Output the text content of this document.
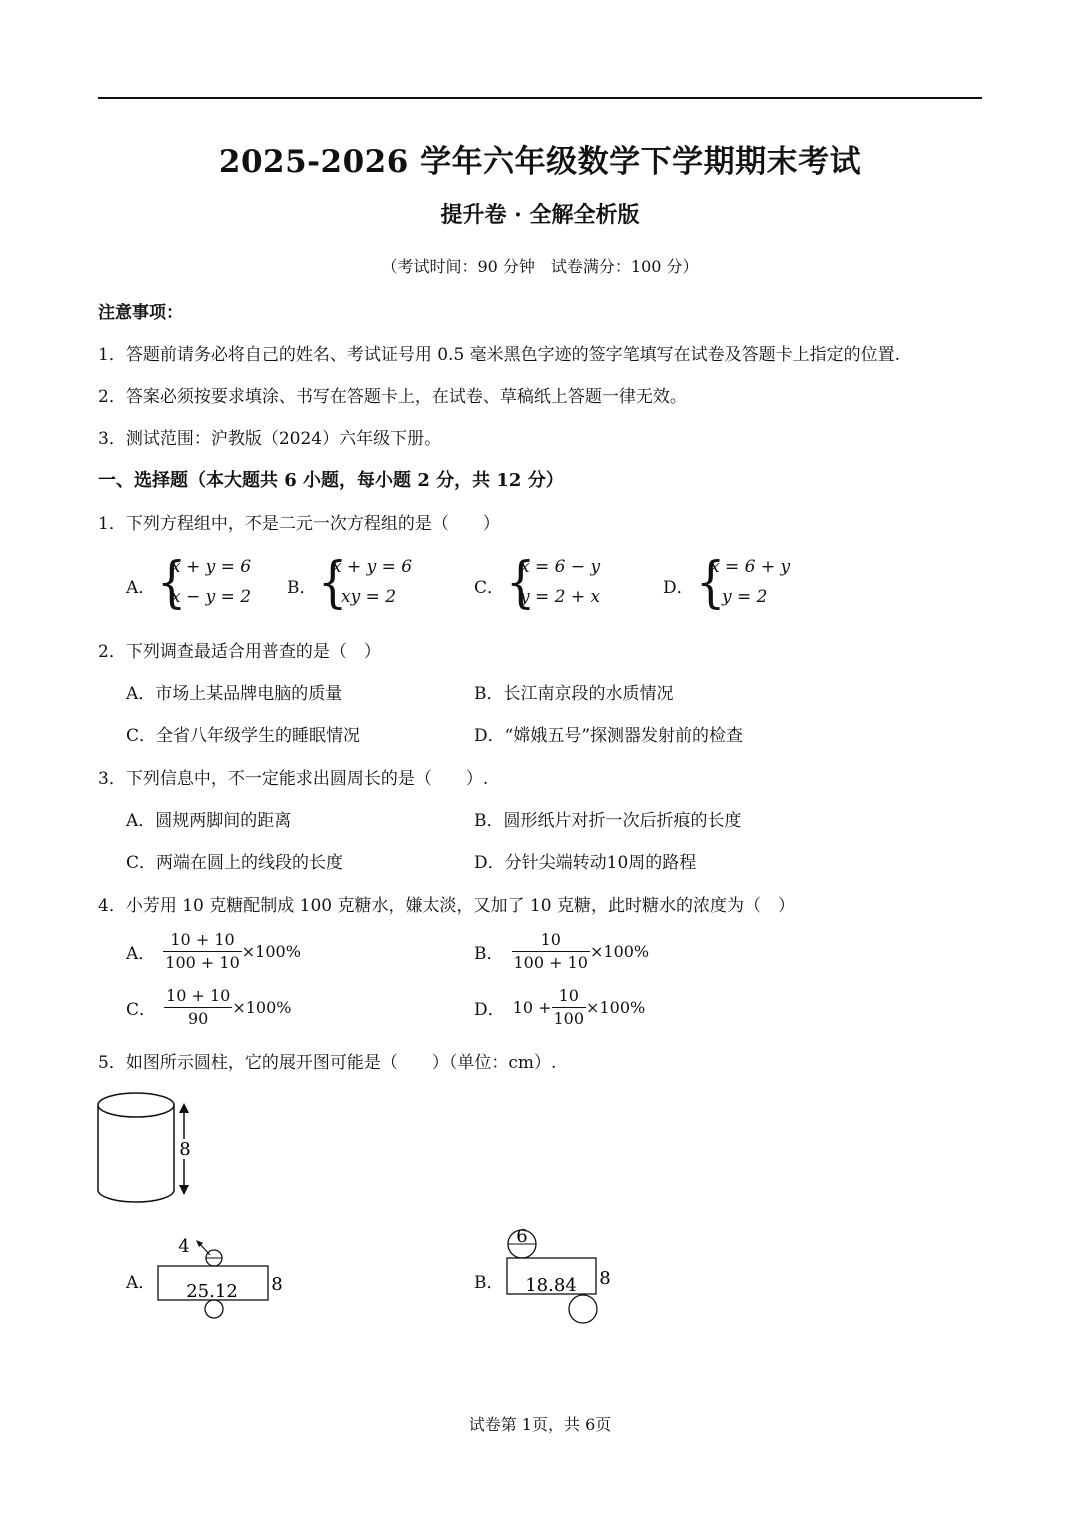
2025-2026 学年六年级数学下学期期末考试
提升卷 · 全解全析版
（考试时间：90 分钟　试卷满分：100 分）
注意事项：
1．答题前请务必将自己的姓名、考试证号用 0.5 毫米黑色字迹的签字笔填写在试卷及答题卡上指定的位置.
2．答案必须按要求填涂、书写在答题卡上，在试卷、草稿纸上答题一律无效。
3．测试范围：沪教版（2024）六年级下册。
一、选择题（本大题共 6 小题，每小题 2 分，共 12 分）
1．下列方程组中，不是二元一次方程组的是（　　）
A． {
x + y = 6
x − y = 2 B． {
x + y = 6
xy = 2	C． {
x = 6 − y
y = 2 + x	D． {
x = 6 + y
y = 2
2．下列调查最适合用普查的是（　）
A．市场上某品牌电脑的质量	B．长江南京段的水质情况
C．全省八年级学生的睡眠情况	D．“嫦娥五号”探测器发射前的检查
3．下列信息中，不一定能求出圆周长的是（　　）.
A．圆规两脚间的距离	B．圆形纸片对折一次后折痕的长度
C．两端在圆上的线段的长度	D．分针尖端转动10周的路程
4．小芳用 10 克糖配制成 100 克糖水，嫌太淡，又加了 10 克糖，此时糖水的浓度为（　）
A． $\frac{10 + 10}{100 + 10} \times 100\%$	B． $\frac{10}{100 + 10} \times 100\%$
C． $\frac{10 + 10}{90} \times 100\%$	D． $10 + \frac{10}{100} \times 100\%$
5．如图所示圆柱，它的展开图可能是（　　）（单位：cm）.
8
A．
4
25.12 8	B．
6
18.84 8
试卷第 1页，共 6页
